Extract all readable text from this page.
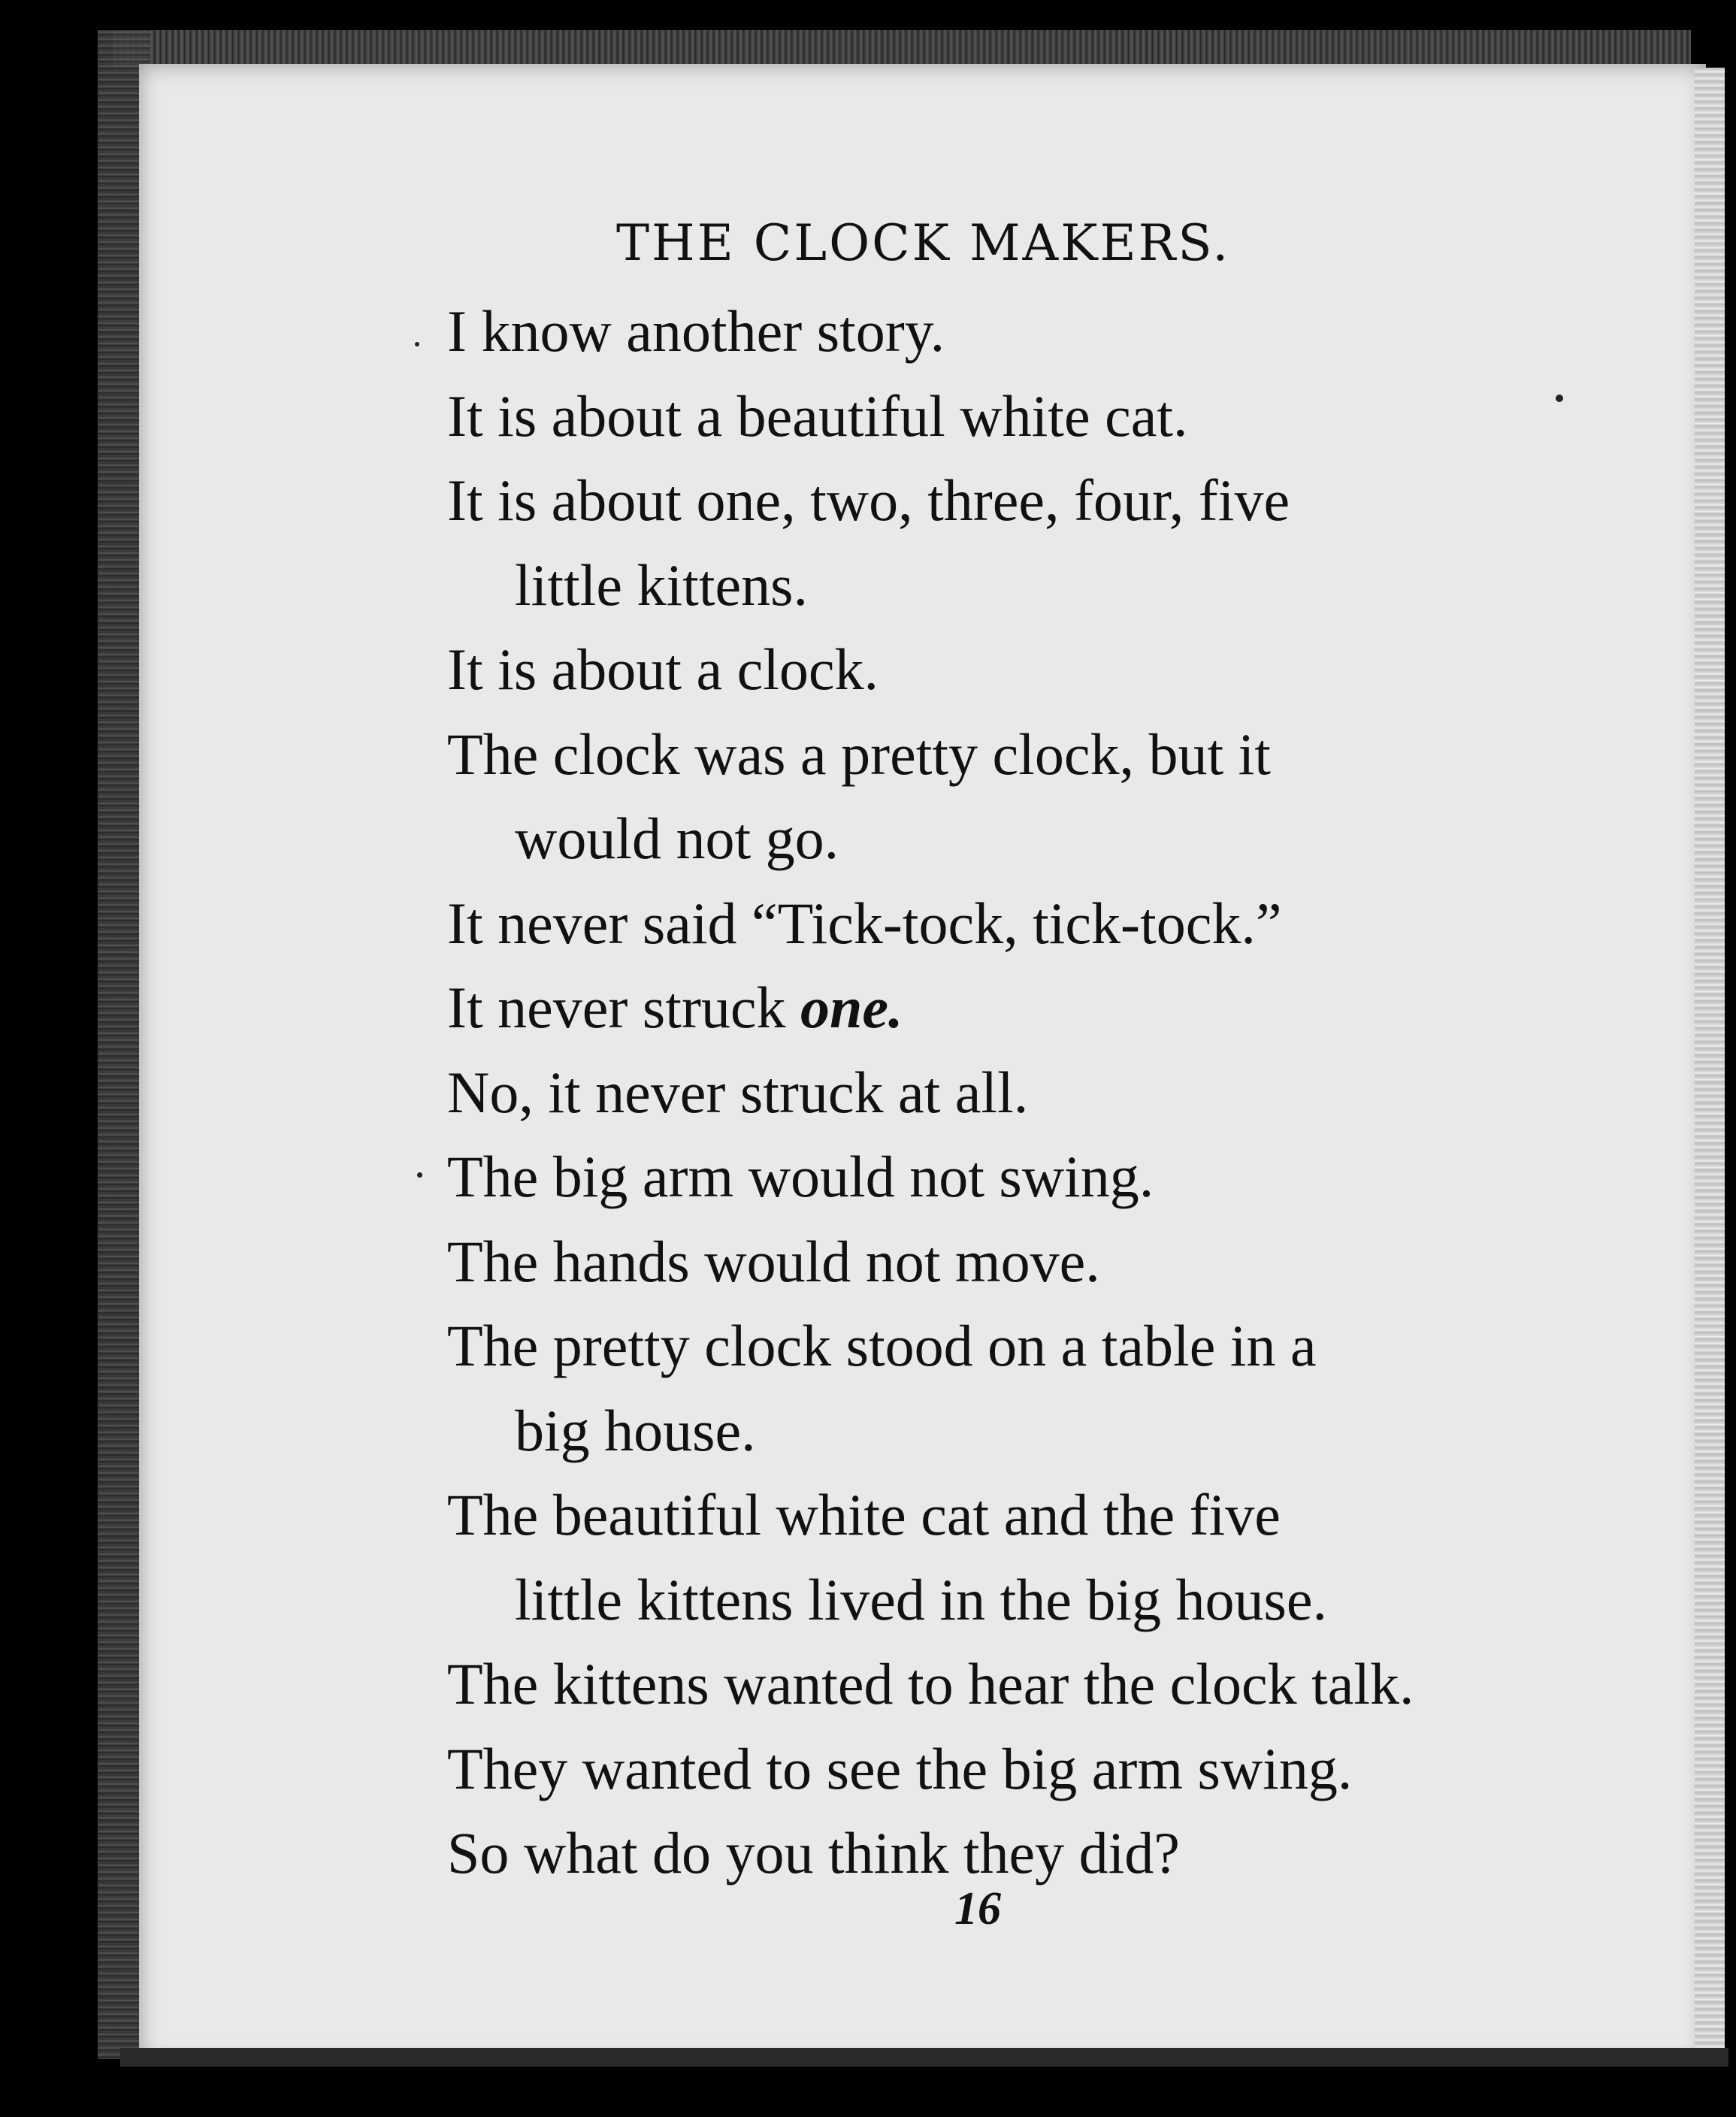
THE CLOCK MAKERS.
I know another story.
It is about a beautiful white cat.
It is about one, two, three, four, five
little kittens.
It is about a clock.
The clock was a pretty clock, but it
would not go.
It never said “Tick-tock, tick-tock.”
It never struck one.
No, it never struck at all.
The big arm would not swing.
The hands would not move.
The pretty clock stood on a table in a
big house.
The beautiful white cat and the five
little kittens lived in the big house.
The kittens wanted to hear the clock talk.
They wanted to see the big arm swing.
So what do you think they did?
16
